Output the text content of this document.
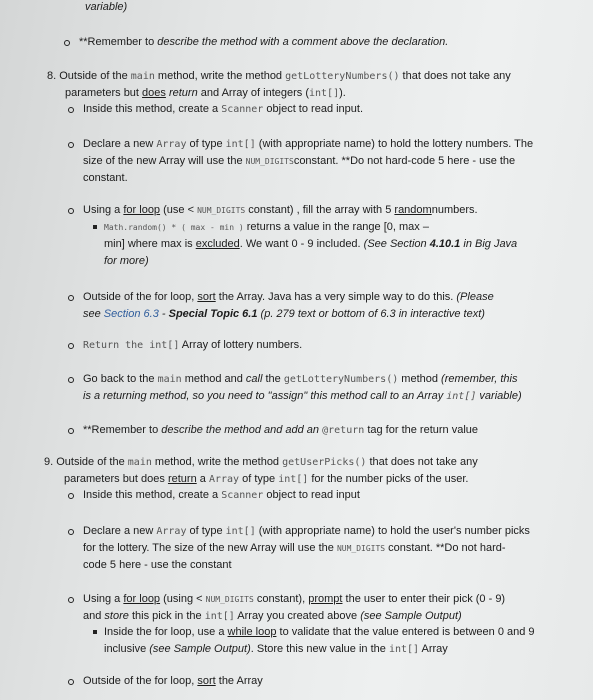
variable)
**Remember to describe the method with a comment above the declaration.
8. Outside of the main method, write the method getLotteryNumbers() that does not take any
parameters but does return and Array of integers (int[]).
Inside this method, create a Scanner object to read input.
Declare a new Array of type int[] (with appropriate name) to hold the lottery numbers. The
size of the new Array will use the NUM_DIGITSconstant. **Do not hard-code 5 here - use the
constant.
Using a for loop (use < NUM_DIGITS constant) , fill the array with 5 randomnumbers.
Math.random() * ( max - min ) returns a value in the range [0, max –
min] where max is excluded. We want 0 - 9 included. (See Section 4.10.1 in Big Java
for more)
Outside of the for loop, sort the Array. Java has a very simple way to do this. (Please
see Section 6.3 - Special Topic 6.1 (p. 279 text or bottom of 6.3 in interactive text)
Return the int[] Array of lottery numbers.
Go back to the main method and call the getLotteryNumbers() method (remember, this
is a returning method, so you need to "assign" this method call to an Array int[] variable)
**Remember to describe the method and add an @return tag for the return value
9. Outside of the main method, write the method getUserPicks() that does not take any
parameters but does return a Array of type int[] for the number picks of the user.
Inside this method, create a Scanner object to read input
Declare a new Array of type int[] (with appropriate name) to hold the user's number picks
for the lottery. The size of the new Array will use the NUM_DIGITS constant. **Do not hard-
code 5 here - use the constant
Using a for loop (using < NUM_DIGITS constant), prompt the user to enter their pick (0 - 9)
and store this pick in the int[] Array you created above (see Sample Output)
Inside the for loop, use a while loop to validate that the value entered is between 0 and 9
inclusive (see Sample Output). Store this new value in the int[] Array
Outside of the for loop, sort the Array
